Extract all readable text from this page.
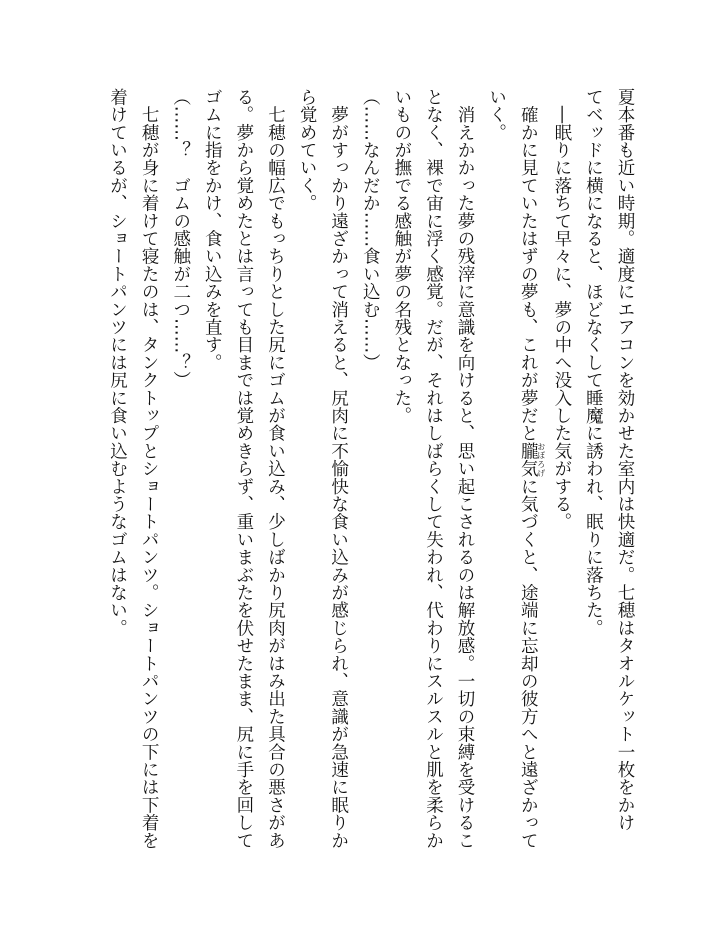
夏本番も近い時期。適度にエアコンを効かせた室内は快適だ。七穂はタオルケット一枚をかけ
てベッドに横になると、ほどなくして睡魔に誘われ、眠りに落ちた。
　―眠りに落ちて早々に、夢の中へ没入した気がする。
　確かに見ていたはずの夢も、これが夢だと朧気おぼろげに気づくと、途端に忘却の彼方へと遠ざかって
いく。
　消えかかった夢の残滓に意識を向けると、思い起こされるのは解放感。一切の束縛を受けるこ
となく、裸で宙に浮く感覚。だが、それはしばらくして失われ、代わりにスルスルと肌を柔らか
いものが撫でる感触が夢の名残となった。
（……なんだか……食い込む……）
　夢がすっかり遠ざかって消えると、尻肉に不愉快な食い込みが感じられ、意識が急速に眠りか
ら覚めていく。
　七穂の幅広でもっちりとした尻にゴムが食い込み、少しばかり尻肉がはみ出た具合の悪さがあ
る。夢から覚めたとは言っても目までは覚めきらず、重いまぶたを伏せたまま、尻に手を回して
ゴムに指をかけ、食い込みを直す。
（……？　ゴムの感触が二つ……？）
　七穂が身に着けて寝たのは、タンクトップとショートパンツ。ショートパンツの下には下着を
着けているが、ショートパンツには尻に食い込むようなゴムはない。
